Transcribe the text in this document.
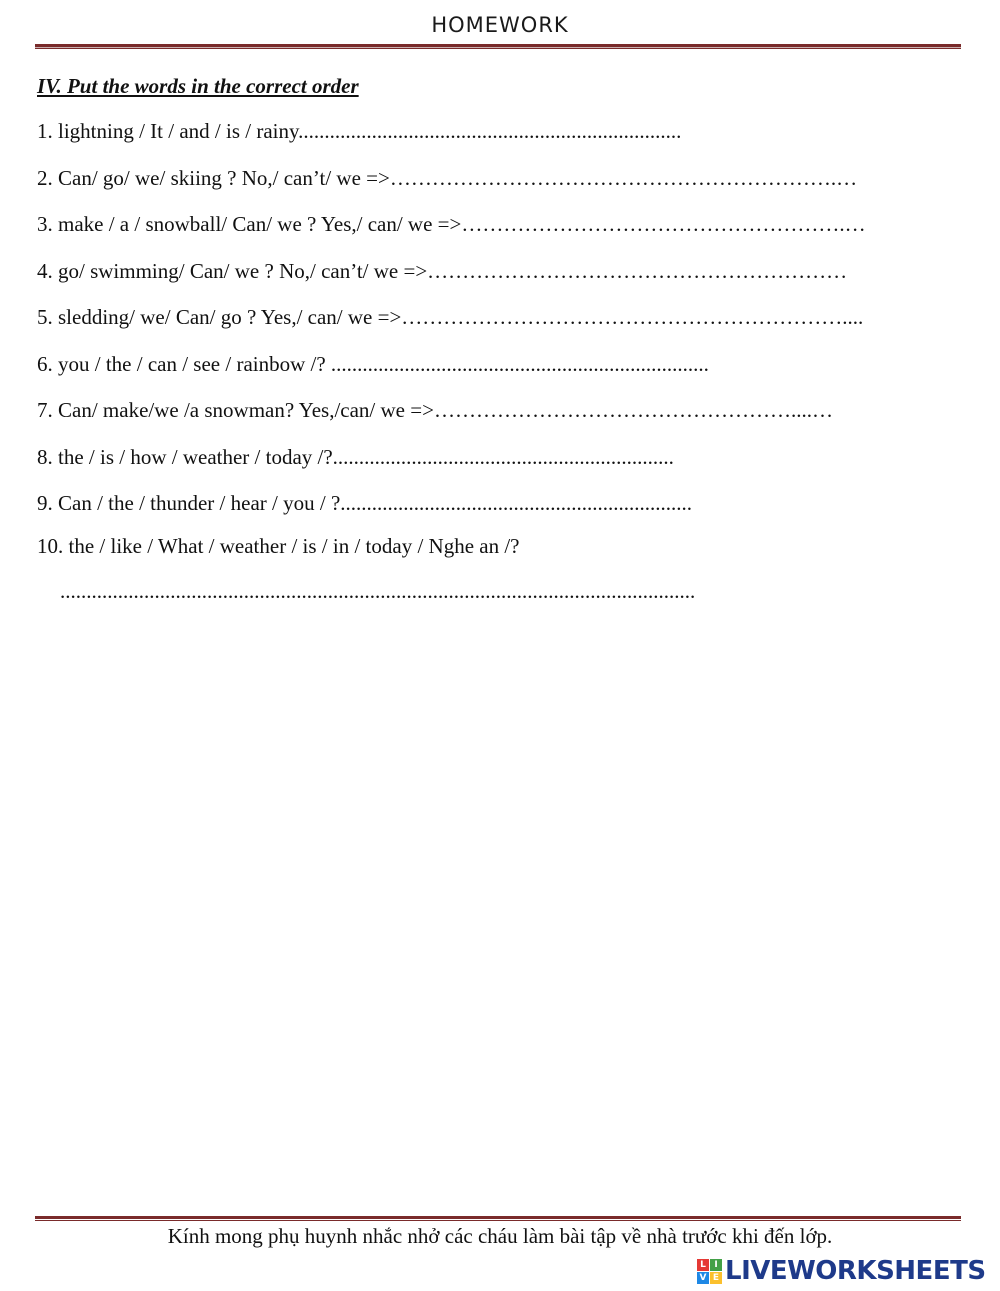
HOMEWORK
IV. Put the words in the correct order
1. lightning / It / and / is / rainy.........................................................................
2. Can/ go/ we/ skiing ? No,/ can’t/ we =>……………………………………………………….…
3. make / a / snowball/ Can/ we ? Yes,/ can/ we =>……………………………………………….…
4. go/ swimming/ Can/ we ? No,/ can’t/ we =>……………………………………………………
5. sledding/ we/ Can/ go ? Yes,/ can/ we =>………………………………………………………....
6. you / the / can / see / rainbow /? ........................................................................
7. Can/ make/we /a snowman? Yes,/can/ we =>……………………………………………....…
8. the / is / how / weather / today /?.................................................................
9. Can / the / thunder / hear / you / ?...................................................................
10. the / like / What / weather / is / in / today / Nghe an /?
.........................................................................................................................
Kính mong phụ huynh nhắc nhở các cháu làm bài tập về nhà trước khi đến lớp.
L I
V E LIVEWORKSHEETS
